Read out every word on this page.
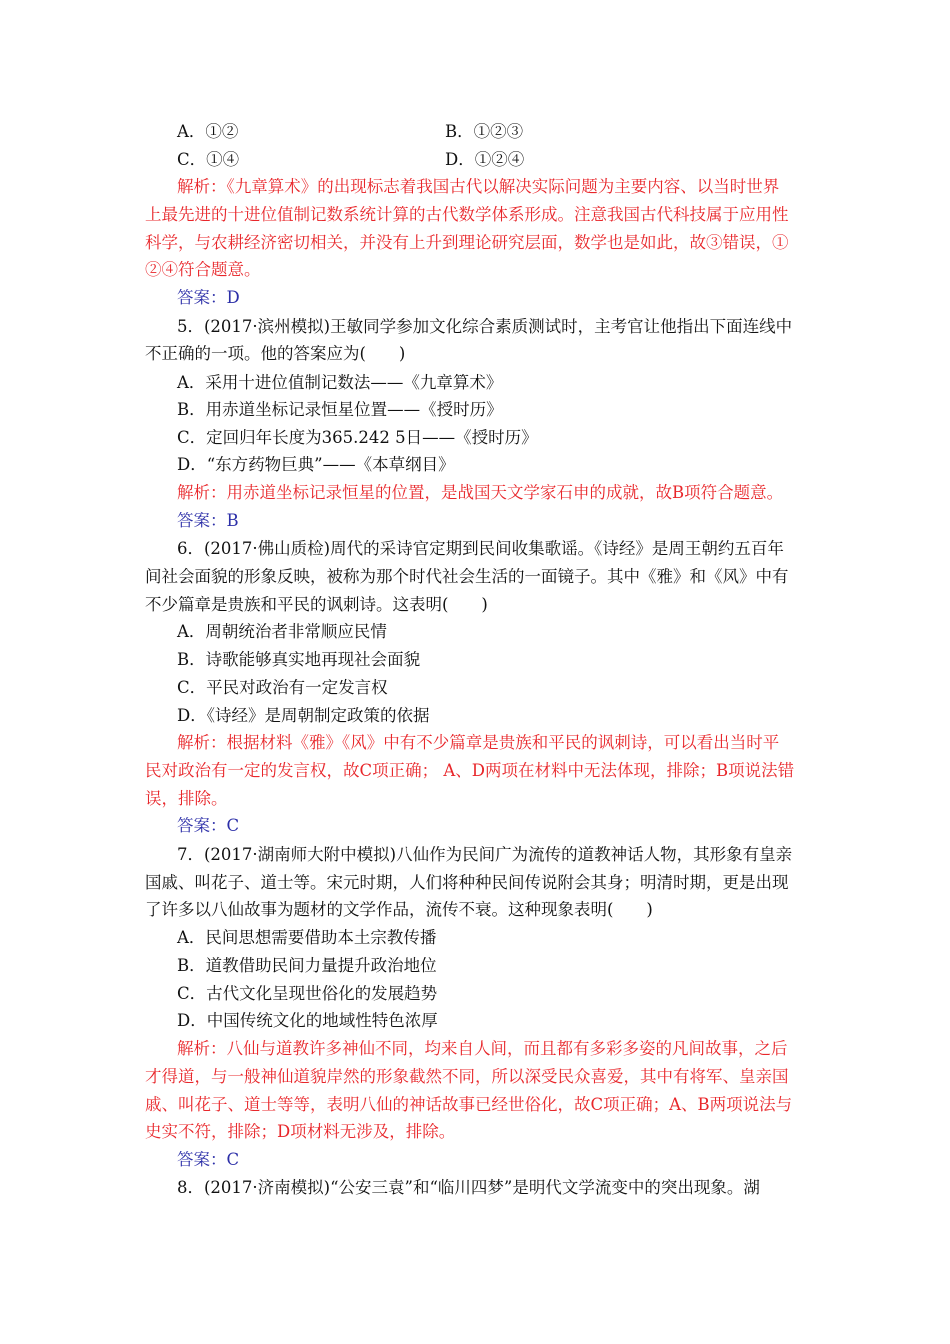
A．①②	B．①②③
C．①④	D．①②④
解析：《九章算术》的出现标志着我国古代以解决实际问题为主要内容、以当时世界
上最先进的十进位值制记数系统计算的古代数学体系形成。注意我国古代科技属于应用性
科学，与农耕经济密切相关，并没有上升到理论研究层面，数学也是如此，故③错误，①
②④符合题意。
答案：D
5．(2017·滨州模拟)王敏同学参加文化综合素质测试时，主考官让他指出下面连线中
不正确的一项。他的答案应为(　　)
A．采用十进位值制记数法——《九章算术》
B．用赤道坐标记录恒星位置——《授时历》
C．定回归年长度为365.242 5日——《授时历》
D．“东方药物巨典”——《本草纲目》
解析：用赤道坐标记录恒星的位置，是战国天文学家石申的成就，故B项符合题意。
答案：B
6．(2017·佛山质检)周代的采诗官定期到民间收集歌谣。《诗经》是周王朝约五百年
间社会面貌的形象反映，被称为那个时代社会生活的一面镜子。其中《雅》和《风》中有
不少篇章是贵族和平民的讽刺诗。这表明(　　)
A．周朝统治者非常顺应民情
B．诗歌能够真实地再现社会面貌
C．平民对政治有一定发言权
D．《诗经》是周朝制定政策的依据
解析：根据材料《雅》《风》中有不少篇章是贵族和平民的讽刺诗，可以看出当时平
民对政治有一定的发言权，故C项正确； A、D两项在材料中无法体现，排除；B项说法错
误，排除。
答案：C
7．(2017·湖南师大附中模拟)八仙作为民间广为流传的道教神话人物，其形象有皇亲
国戚、叫花子、道士等。宋元时期，人们将种种民间传说附会其身；明清时期，更是出现
了许多以八仙故事为题材的文学作品，流传不衰。这种现象表明(　　)
A．民间思想需要借助本土宗教传播
B．道教借助民间力量提升政治地位
C．古代文化呈现世俗化的发展趋势
D．中国传统文化的地域性特色浓厚
解析：八仙与道教许多神仙不同，均来自人间，而且都有多彩多姿的凡间故事，之后
才得道，与一般神仙道貌岸然的形象截然不同，所以深受民众喜爱，其中有将军、皇亲国
戚、叫花子、道士等等，表明八仙的神话故事已经世俗化，故C项正确；A、B两项说法与
史实不符，排除；D项材料无涉及，排除。
答案：C
8．(2017·济南模拟)“公安三袁”和“临川四梦”是明代文学流变中的突出现象。湖
